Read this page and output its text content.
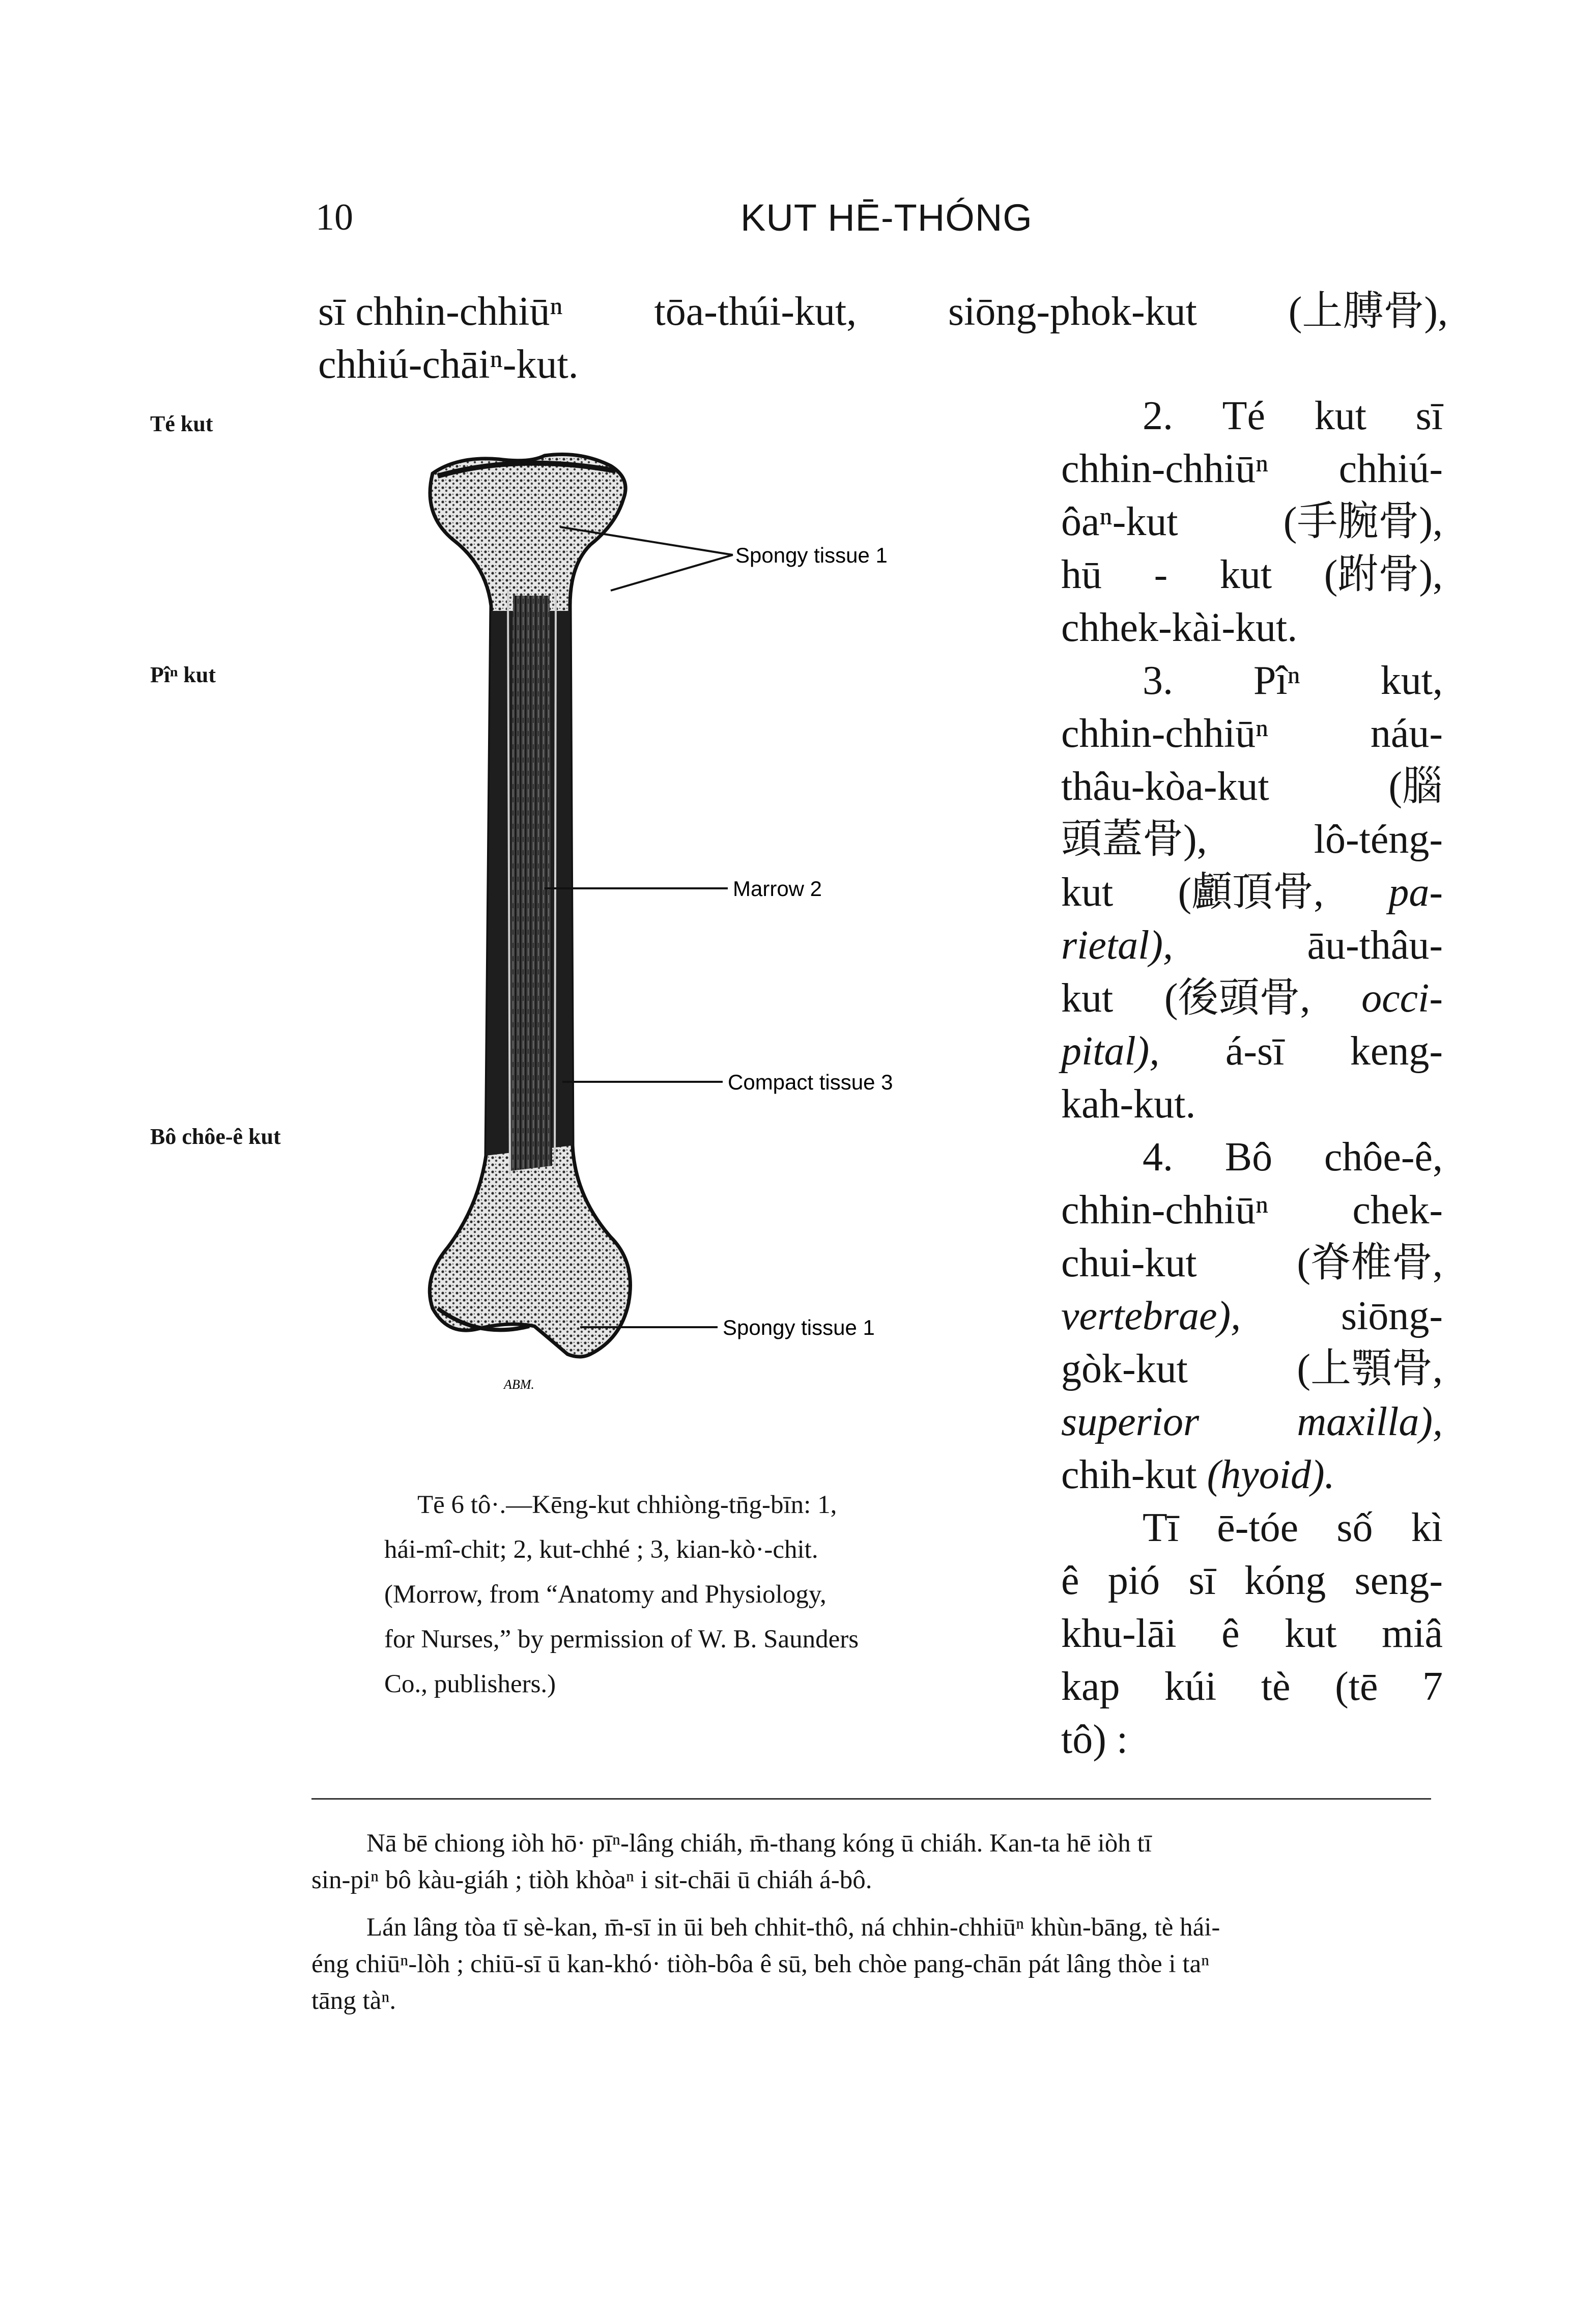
10	KUT HĒ-THÓNG
sī chhin-chhiūⁿ tōa-thúi-kut, siōng-phok-kut (上膊骨),
chhiú-chāiⁿ-kut.
Té kut
Pîⁿ kut
Bô chôe-ê kut
Spongy tissue 1
Marrow 2
Compact tissue 3
Spongy tissue 1
ABM.
Tē 6 tô·.—Kēng-kut chhiòng-tn̄g-bīn: 1,
hái-mî-chit; 2, kut-chhé ; 3, kian-kò·-chit.
(Morrow, from “Anatomy and Physiology,
for Nurses,” by permission of W. B. Saunders
Co., publishers.)
2. Té kut sī
chhin-chhiūⁿ chhiú-
ôaⁿ-kut	(手腕骨),
hū - kut (跗骨),
chhek-kài-kut.
3. Pîⁿ kut,
chhin-chhiūⁿ	náu-
thâu-kòa-kut	(腦
頭蓋骨),	lô-téng-
kut (顱頂骨, pa-
rietal),	āu-thâu-
kut (後頭骨, occi-
pital), á-sī keng-
kah-kut.
4. Bô chôe-ê,
chhin-chhiūⁿ chek-
chui-kut (脊椎骨,
vertebrae), siōng-
gòk-kut	(上顎骨,
superior maxilla),
chih-kut (hyoid).
Tī ē-tóe số kì
ê pió sī kóng seng-
khu-lāi ê kut miâ
kap kúi tè (tē 7
tô) :
Nā bē chiong iòh hō· pīⁿ-lâng chiáh, m̄-thang kóng ū chiáh. Kan-ta hē iòh tī
sin-piⁿ bô kàu-giáh ; tiòh khòaⁿ i sit-chāi ū chiáh á-bô.
Lán lâng tòa tī sè-kan, m̄-sī in ūi beh chhit-thô, ná chhin-chhiūⁿ khùn-bāng, tè hái-
éng chiūⁿ-lòh ; chiū-sī ū kan-khó· tiòh-bôa ê sū, beh chòe pang-chān pát lâng thòe i taⁿ
tāng tàⁿ.
